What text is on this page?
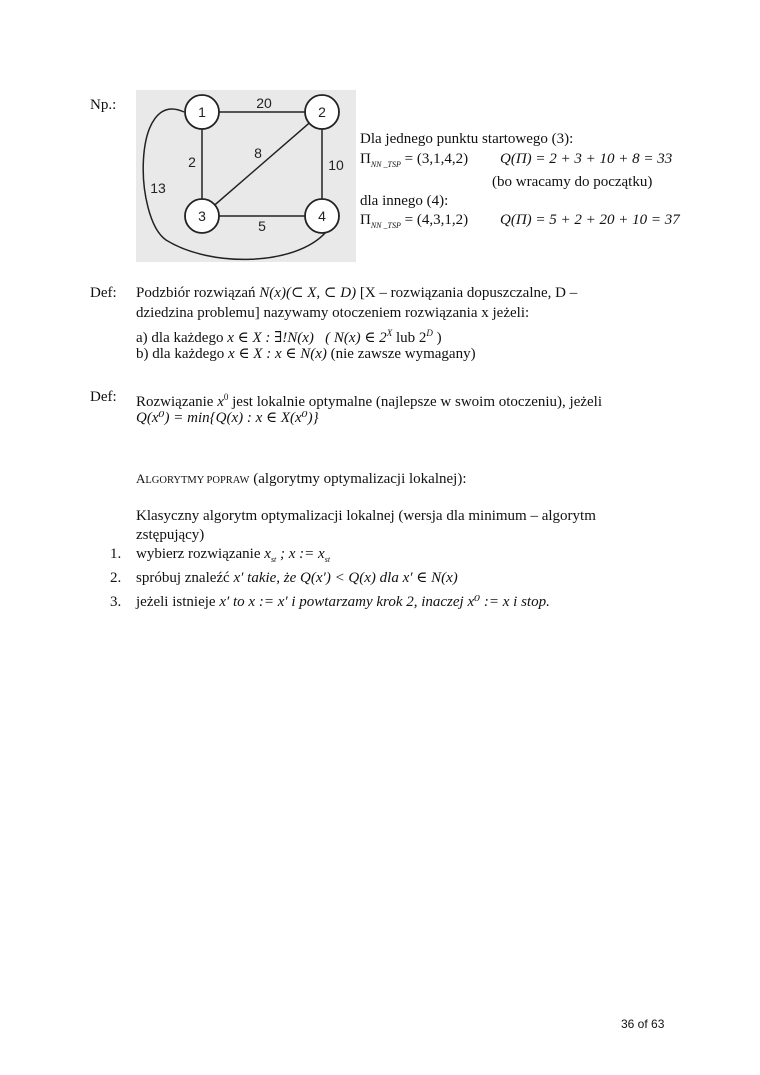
Np.:	1	2
3	4
20
2
8
10
5
13
Dla jednego punktu startowego (3):
$\Pi_{NN \_TSP} = (3,1,4,2) Q(\Pi) = 2 + 3 + 10 + 8 = 33$
(bo wracamy do początku)
dla innego (4):
$\Pi_{NN \_TSP} = (4,3,1,2) Q(\Pi) = 5 + 2 + 20 + 10 = 37$
Def: Podzbiór rozwiązań N(x)(⊂ X, ⊂ D) [X – rozwiązania dopuszczalne, D –
dziedzina problemu] nazywamy otoczeniem rozwiązania x jeżeli:
a) dla każdego x ∈ X : ∃!N(x) ( N(x) ∈ $2^X$ lub $2^D$ )
b) dla każdego x ∈ X : x ∈ N(x) (nie zawsze wymagany)
Def: Rozwiązanie $x^0$ jest lokalnie optymalne (najlepsze w swoim otoczeniu), jeżeli
Q(x⁰) = min{Q(x) : x ∈ X(x⁰)}
ALGORYTMY POPRAW (algorytmy optymalizacji lokalnej):
Klasyczny algorytm optymalizacji lokalnej (wersja dla minimum – algorytm
zstępujący)
1. wybierz rozwiązanie $x_{st}$ ; x := $x_{st}$
2. spróbuj znaleźć x′ takie, że Q(x′) < Q(x) dla x′ ∈ N(x)
3. jeżeli istnieje x′ to x := x′ i powtarzamy krok 2, inaczej x⁰ := x i stop.
36 of 63
